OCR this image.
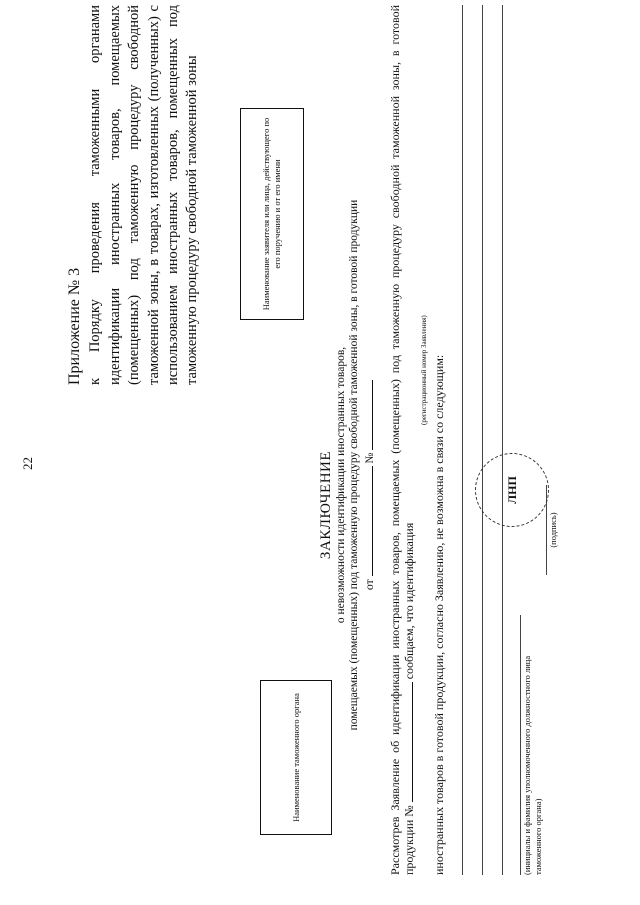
22
Приложение № 3 к Порядку проведения таможенными органами идентификации иностранных товаров, помещаемых (помещенных) под таможенную процедуру свободной таможенной зоны, в товарах, изготовленных (полученных) с использованием иностранных товаров, помещенных под таможенную процедуру свободной таможенной зоны	Наименование заявителя или лица, действующего по его поручению и от его имени
Наименование таможенного органа
ЗАКЛЮЧЕНИЕ о невозможности идентификации иностранных товаров, помещаемых (помещенных) под таможенную процедуру свободной таможенной зоны, в готовой продукции от  № Рассмотрев Заявление об идентификации иностранных товаров, помещаемых (помещенных) под таможенную процедуру свободной таможенной зоны, в готовой продукции №  сообщаем, что идентификация
(регистрационный номер Заявления) иностранных товаров в готовой продукции, согласно Заявлению, не возможна в связи со следующим:	(инициалы и фамилия уполномоченного должностного лица таможенного органа)
(подпись)
ЛНП
